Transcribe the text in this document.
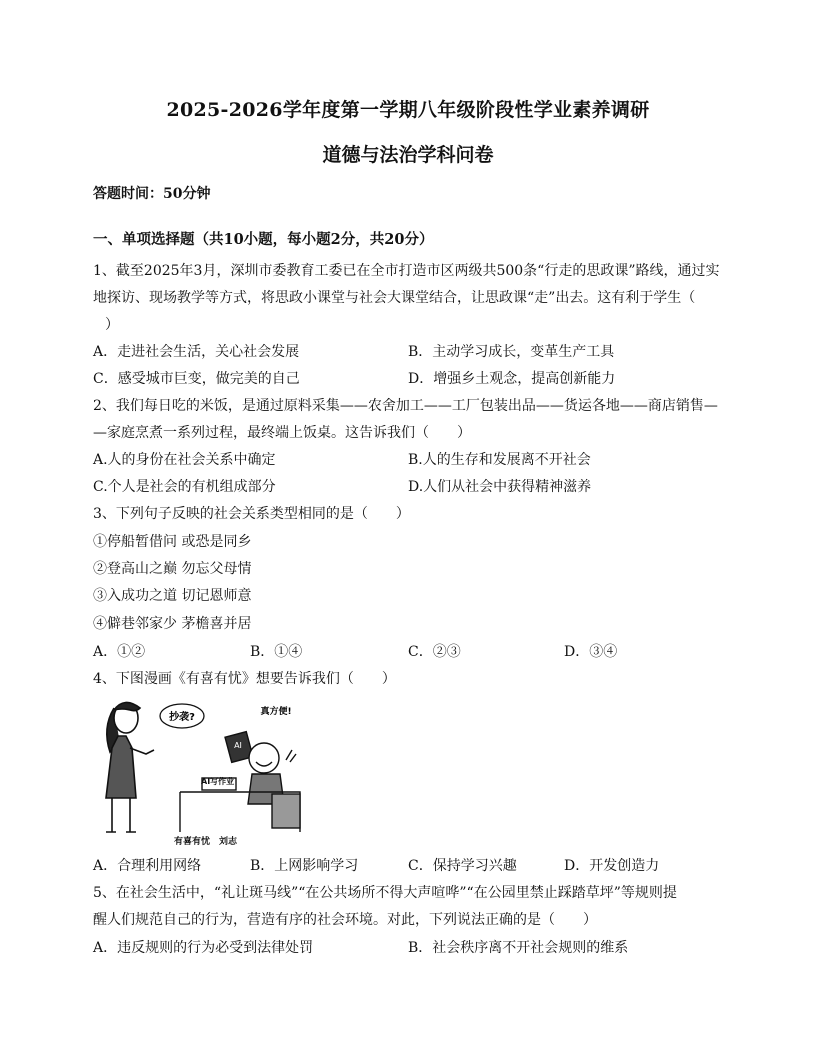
2025-2026学年度第一学期八年级阶段性学业素养调研
道德与法治学科问卷
答题时间：50分钟
一、单项选择题（共10小题，每小题2分，共20分）
1、截至2025年3月，深圳市委教育工委已在全市打造市区两级共500条“行走的思政课”路线，通过实
地探访、现场教学等方式，将思政小课堂与社会大课堂结合，让思政课“走”出去。这有利于学生（
）
A．走进社会生活，关心社会发展	B．主动学习成长，变革生产工具
C．感受城市巨变，做完美的自己	D．增强乡土观念，提高创新能力
2、我们每日吃的米饭，是通过原料采集——农舍加工——工厂包装出品——货运各地——商店销售—
—家庭烹煮一系列过程，最终端上饭桌。这告诉我们（　　）
A.人的身份在社会关系中确定	B.人的生存和发展离不开社会
C.个人是社会的有机组成部分	D.人们从社会中获得精神滋养
3、下列句子反映的社会关系类型相同的是（　　）
①停船暂借问 或恐是同乡
②登高山之巅 勿忘父母情
③入成功之道 切记恩师意
④僻巷邻家少 茅檐喜并居
A．①②	B．①④	C．②③	D．③④
4、下图漫画《有喜有忧》想要告诉我们（　　）
抄袭?	真方便!
AI
AI写作业
有喜有忧　刘志
A．合理利用网络	B．上网影响学习	C．保持学习兴趣	D．开发创造力
5、在社会生活中，“礼让斑马线”“在公共场所不得大声喧哗”“在公园里禁止踩踏草坪”等规则提
醒人们规范自己的行为，营造有序的社会环境。对此，下列说法正确的是（　　）
A．违反规则的行为必受到法律处罚	B．社会秩序离不开社会规则的维系
